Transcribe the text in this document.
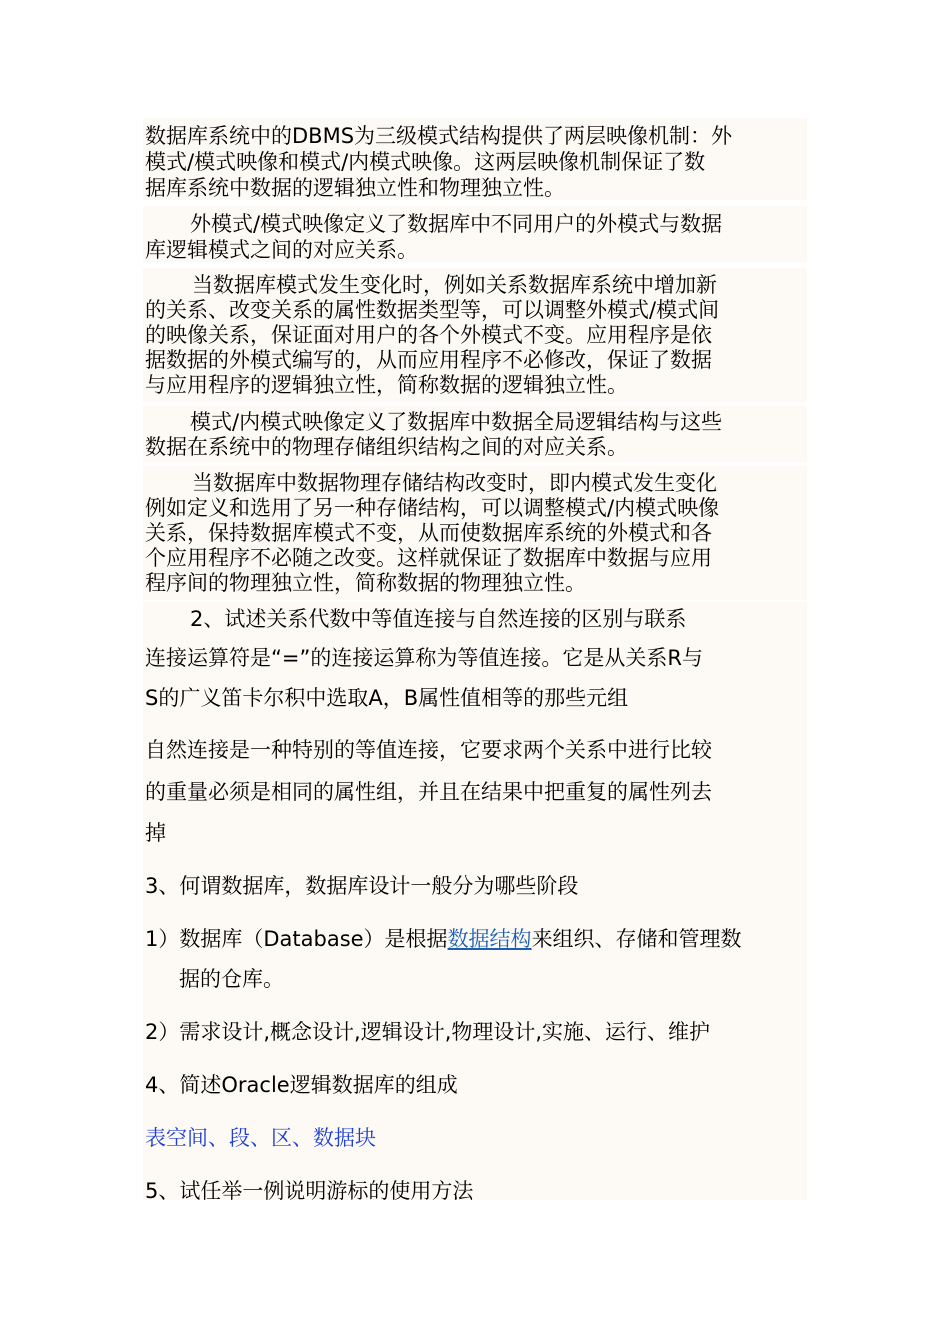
数据库系统中的DBMS为三级模式结构提供了两层映像机制：外
模式/模式映像和模式/内模式映像。这两层映像机制保证了数
据库系统中数据的逻辑独立性和物理独立性。
外模式/模式映像定义了数据库中不同用户的外模式与数据
库逻辑模式之间的对应关系。
当数据库模式发生变化时，例如关系数据库系统中增加新
的关系、改变关系的属性数据类型等，可以调整外模式/模式间
的映像关系，保证面对用户的各个外模式不变。应用程序是依
据数据的外模式编写的，从而应用程序不必修改，保证了数据
与应用程序的逻辑独立性，简称数据的逻辑独立性。
模式/内模式映像定义了数据库中数据全局逻辑结构与这些
数据在系统中的物理存储组织结构之间的对应关系。
当数据库中数据物理存储结构改变时，即内模式发生变化
例如定义和选用了另一种存储结构，可以调整模式/内模式映像
关系，保持数据库模式不变，从而使数据库系统的外模式和各
个应用程序不必随之改变。这样就保证了数据库中数据与应用
程序间的物理独立性，简称数据的物理独立性。
2、试述关系代数中等值连接与自然连接的区别与联系
连接运算符是“=”的连接运算称为等值连接。它是从关系R与
S的广义笛卡尔积中选取A，B属性值相等的那些元组
自然连接是一种特别的等值连接，它要求两个关系中进行比较
的重量必须是相同的属性组，并且在结果中把重复的属性列去
掉
3、何谓数据库，数据库设计一般分为哪些阶段
1）数据库（Database）是根据数据结构来组织、存储和管理数
据的仓库。
2）需求设计,概念设计,逻辑设计,物理设计,实施、运行、维护
4、简述Oracle逻辑数据库的组成
表空间、段、区、数据块
5、试任举一例说明游标的使用方法
